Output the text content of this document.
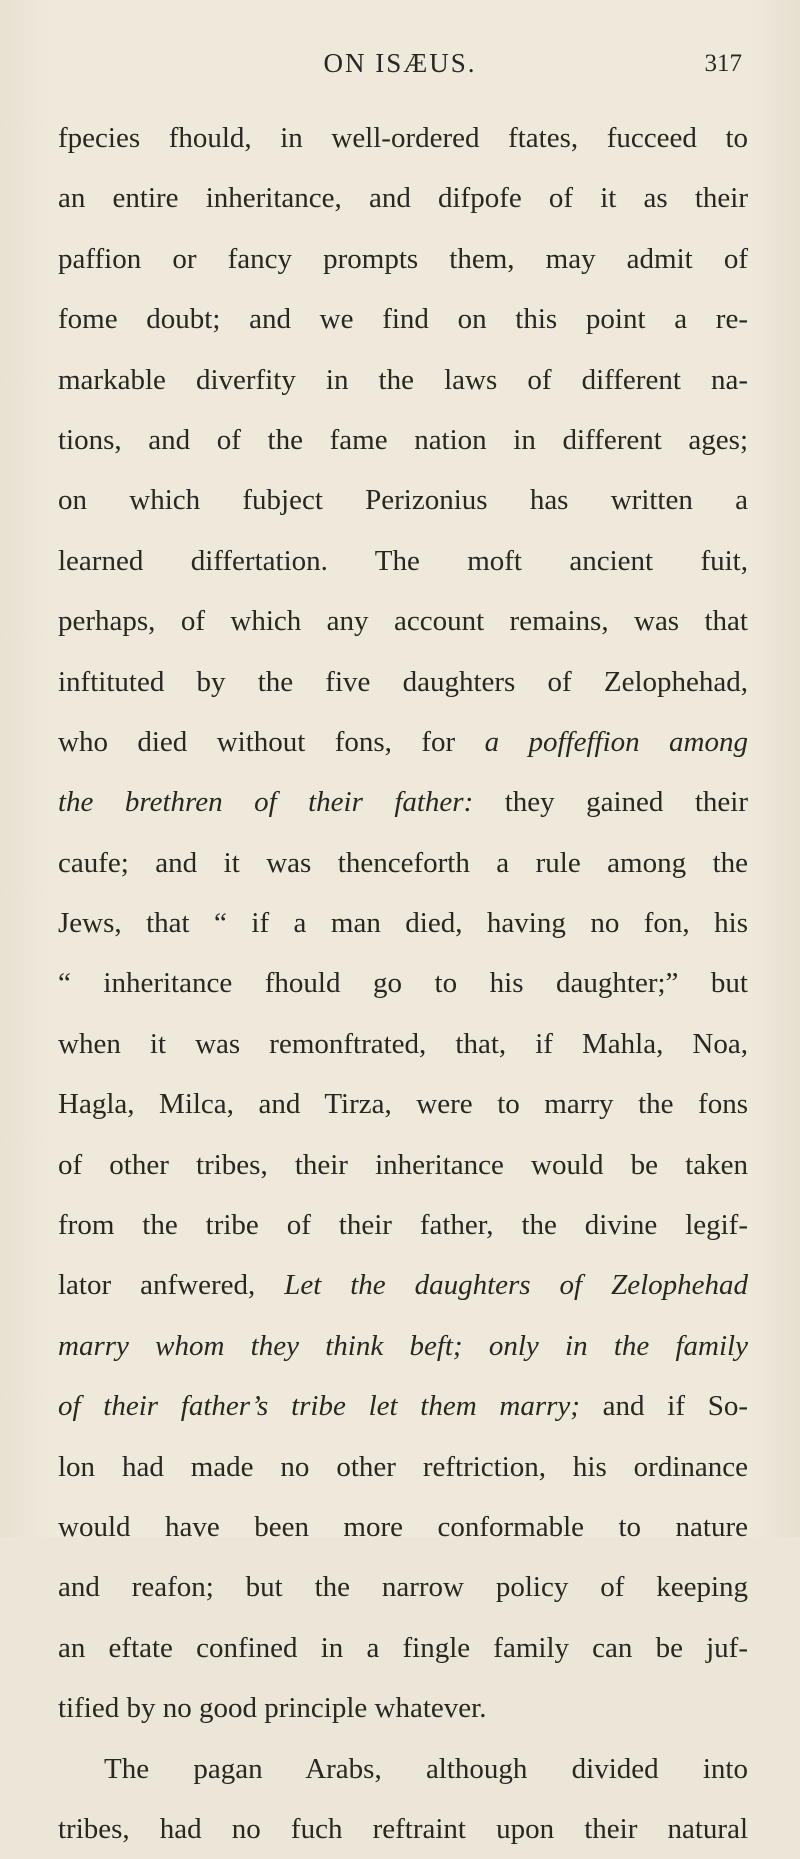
ON ISÆUS.	317
fpecies fhould, in well-ordered ftates, fucceed to
an entire inheritance, and difpofe of it as their
paffion or fancy prompts them, may admit of
fome doubt; and we find on this point a re-
markable diverfity in the laws of different na-
tions, and of the fame nation in different ages;
on which fubject Perizonius has written a
learned differtation. The moft ancient fuit,
perhaps, of which any account remains, was that
inftituted by the five daughters of Zelophehad,
who died without fons, for a poffeffion among
the brethren of their father: they gained their
caufe; and it was thenceforth a rule among the
Jews, that “ if a man died, having no fon, his
“ inheritance fhould go to his daughter;” but
when it was remonftrated, that, if Mahla, Noa,
Hagla, Milca, and Tirza, were to marry the fons
of other tribes, their inheritance would be taken
from the tribe of their father, the divine legif-
lator anfwered, Let the daughters of Zelophehad
marry whom they think beft; only in the family
of their father’s tribe let them marry; and if So-
lon had made no other reftriction, his ordinance
would have been more conformable to nature
and reafon; but the narrow policy of keeping
an eftate confined in a fingle family can be juf-
tified by no good principle whatever.
The pagan Arabs, although divided into
tribes, had no fuch reftraint upon their natural
